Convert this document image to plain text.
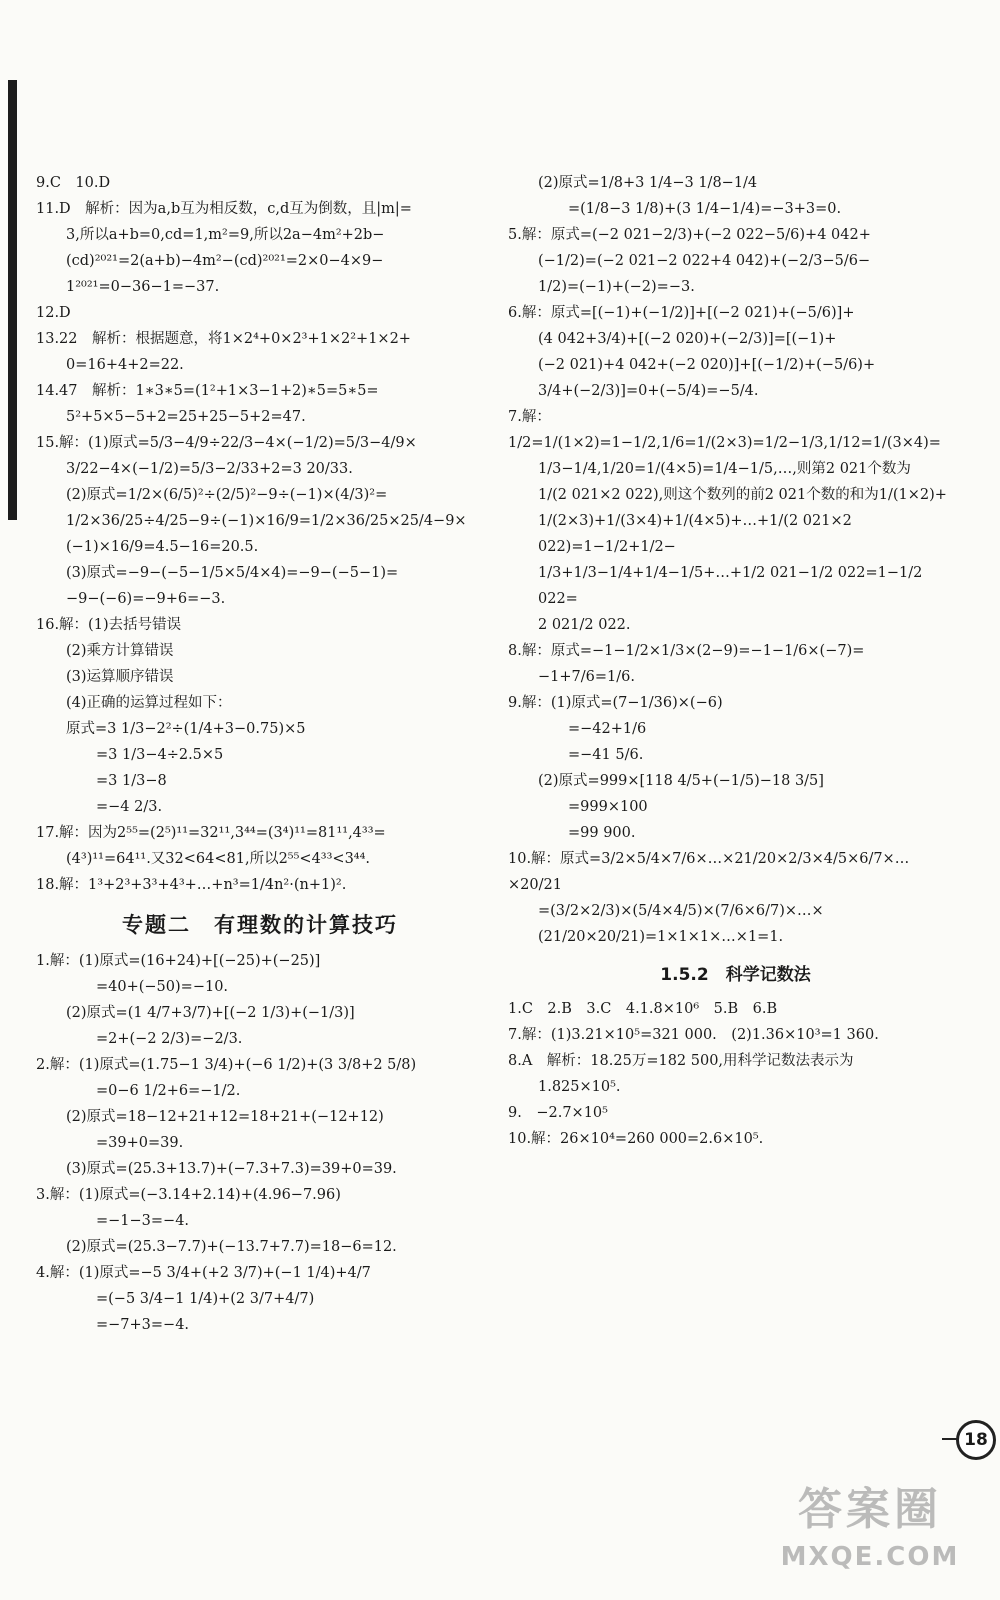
9.C　10.D
11.D　解析：因为a,b互为相反数，c,d互为倒数，且|m|=
3,所以a+b=0,cd=1,m²=9,所以2a−4m²+2b−
(cd)²⁰²¹=2(a+b)−4m²−(cd)²⁰²¹=2×0−4×9−
1²⁰²¹=0−36−1=−37.
12.D
13.22　解析：根据题意，将1×2⁴+0×2³+1×2²+1×2+
0=16+4+2=22.
14.47　解析：1∗3∗5=(1²+1×3−1+2)∗5=5∗5=
5²+5×5−5+2=25+25−5+2=47.
15.解：(1)原式=5/3−4/9÷22/3−4×(−1/2)=5/3−4/9×
3/22−4×(−1/2)=5/3−2/33+2=3 20/33.
(2)原式=1/2×(6/5)²÷(2/5)²−9÷(−1)×(4/3)²=
1/2×36/25÷4/25−9÷(−1)×16/9=1/2×36/25×25/4−9×
(−1)×16/9=4.5−16=20.5.
(3)原式=−9−(−5−1/5×5/4×4)=−9−(−5−1)=
−9−(−6)=−9+6=−3.
16.解：(1)去括号错误
(2)乘方计算错误
(3)运算顺序错误
(4)正确的运算过程如下：
原式=3 1/3−2²÷(1/4+3−0.75)×5
=3 1/3−4÷2.5×5
=3 1/3−8
=−4 2/3.
17.解：因为2⁵⁵=(2⁵)¹¹=32¹¹,3⁴⁴=(3⁴)¹¹=81¹¹,4³³=
(4³)¹¹=64¹¹.又32<64<81,所以2⁵⁵<4³³<3⁴⁴.
18.解：1³+2³+3³+4³+…+n³=1/4n²·(n+1)².
专题二　有理数的计算技巧
1.解：(1)原式=(16+24)+[(−25)+(−25)]
=40+(−50)=−10.
(2)原式=(1 4/7+3/7)+[(−2 1/3)+(−1/3)]
=2+(−2 2/3)=−2/3.
2.解：(1)原式=(1.75−1 3/4)+(−6 1/2)+(3 3/8+2 5/8)
=0−6 1/2+6=−1/2.
(2)原式=18−12+21+12=18+21+(−12+12)
=39+0=39.
(3)原式=(25.3+13.7)+(−7.3+7.3)=39+0=39.
3.解：(1)原式=(−3.14+2.14)+(4.96−7.96)
=−1−3=−4.
(2)原式=(25.3−7.7)+(−13.7+7.7)=18−6=12.
4.解：(1)原式=−5 3/4+(+2 3/7)+(−1 1/4)+4/7
=(−5 3/4−1 1/4)+(2 3/7+4/7)
=−7+3=−4.
(2)原式=1/8+3 1/4−3 1/8−1/4
=(1/8−3 1/8)+(3 1/4−1/4)=−3+3=0.
5.解：原式=(−2 021−2/3)+(−2 022−5/6)+4 042+
(−1/2)=(−2 021−2 022+4 042)+(−2/3−5/6−
1/2)=(−1)+(−2)=−3.
6.解：原式=[(−1)+(−1/2)]+[(−2 021)+(−5/6)]+
(4 042+3/4)+[(−2 020)+(−2/3)]=[(−1)+
(−2 021)+4 042+(−2 020)]+[(−1/2)+(−5/6)+
3/4+(−2/3)]=0+(−5/4)=−5/4.
7.解：1/2=1/(1×2)=1−1/2,1/6=1/(2×3)=1/2−1/3,1/12=1/(3×4)=
1/3−1/4,1/20=1/(4×5)=1/4−1/5,…,则第2 021个数为
1/(2 021×2 022),则这个数列的前2 021个数的和为1/(1×2)+
1/(2×3)+1/(3×4)+1/(4×5)+…+1/(2 021×2 022)=1−1/2+1/2−
1/3+1/3−1/4+1/4−1/5+…+1/2 021−1/2 022=1−1/2 022=
2 021/2 022.
8.解：原式=−1−1/2×1/3×(2−9)=−1−1/6×(−7)=
−1+7/6=1/6.
9.解：(1)原式=(7−1/36)×(−6)
=−42+1/6
=−41 5/6.
(2)原式=999×[118 4/5+(−1/5)−18 3/5]
=999×100
=99 900.
10.解：原式=3/2×5/4×7/6×…×21/20×2/3×4/5×6/7×…×20/21
=(3/2×2/3)×(5/4×4/5)×(7/6×6/7)×…×
(21/20×20/21)=1×1×1×…×1=1.
1.5.2　科学记数法
1.C　2.B　3.C　4.1.8×10⁶　5.B　6.B
7.解：(1)3.21×10⁵=321 000.　(2)1.36×10³=1 360.
8.A　解析：18.25万=182 500,用科学记数法表示为
1.825×10⁵.
9.　−2.7×10⁵
10.解：26×10⁴=260 000=2.6×10⁵.
18
答案圈
MXQE.COM
